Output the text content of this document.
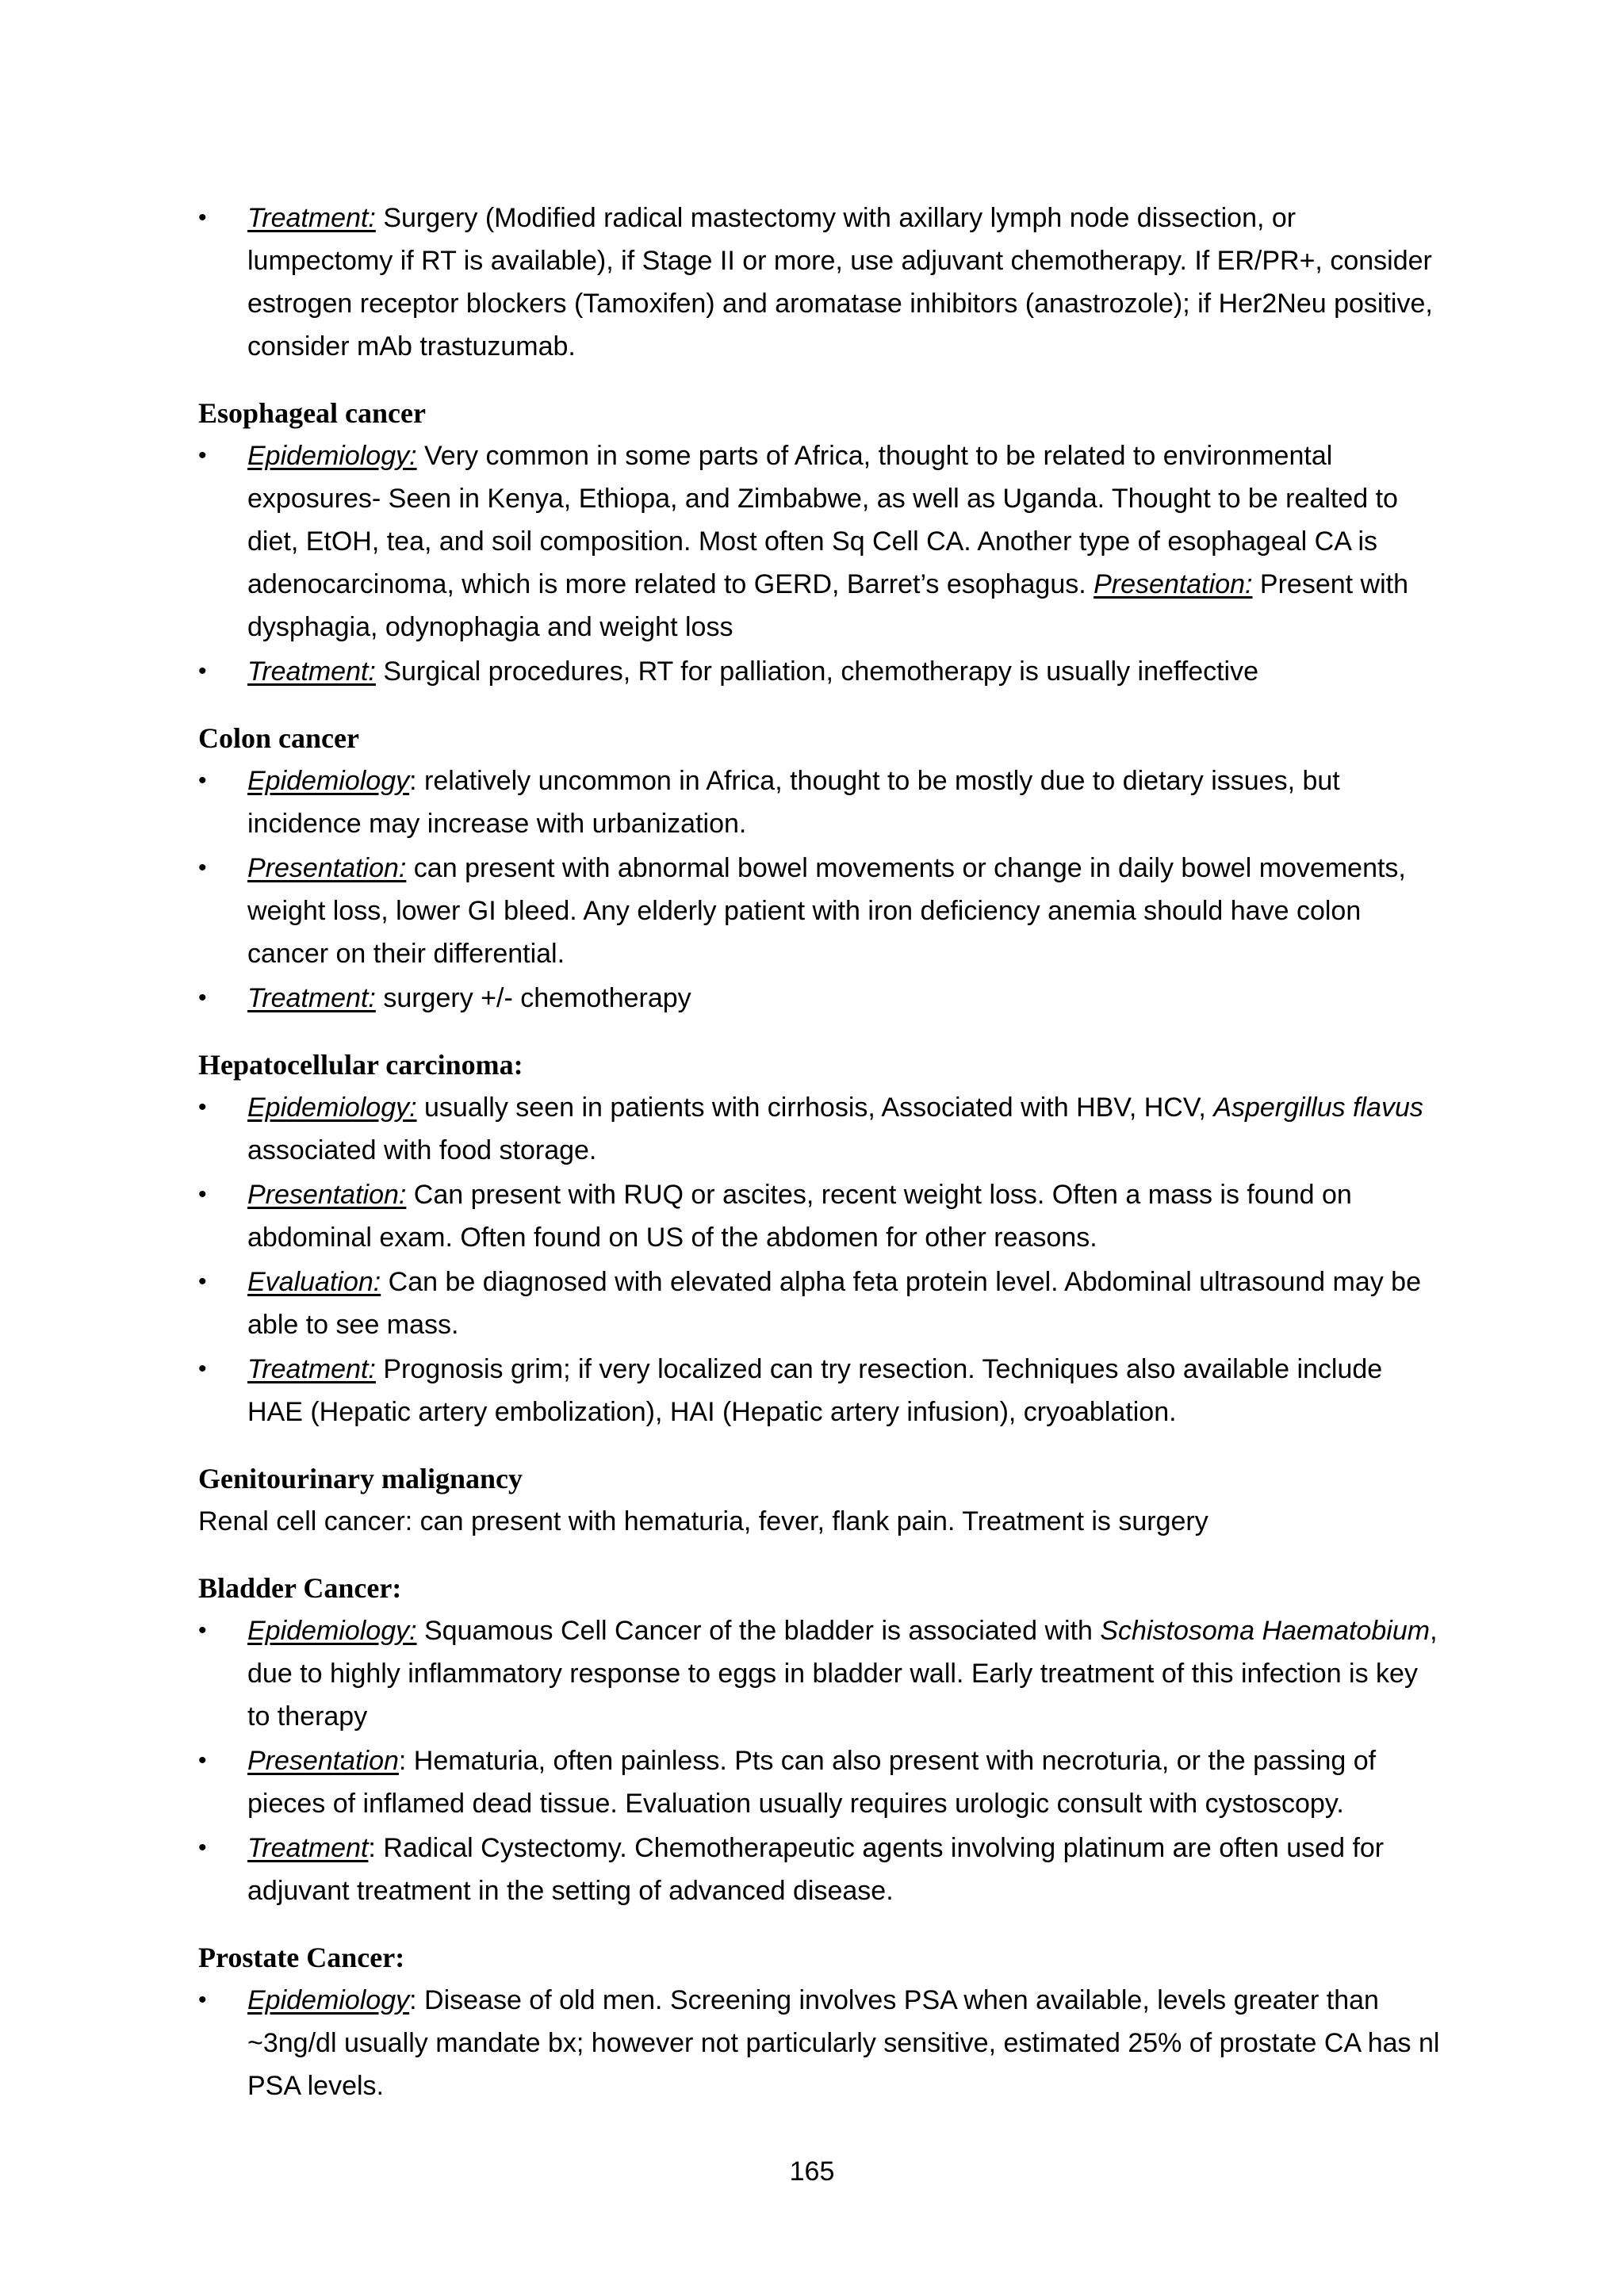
•	Treatment: Surgery (Modified radical mastectomy with axillary lymph node dissection, or lumpectomy if RT is available), if Stage II or more, use adjuvant chemotherapy. If ER/PR+, consider estrogen receptor blockers (Tamoxifen) and aromatase inhibitors (anastrozole); if Her2Neu positive, consider mAb trastuzumab.
Esophageal cancer
•	Epidemiology: Very common in some parts of Africa, thought to be related to environmental exposures- Seen in Kenya, Ethiopa, and Zimbabwe, as well as Uganda. Thought to be realted to diet, EtOH, tea, and soil composition. Most often Sq Cell CA. Another type of esophageal CA is adenocarcinoma, which is more related to GERD, Barret’s esophagus. Presentation: Present with dysphagia, odynophagia and weight loss
•	Treatment: Surgical procedures, RT for palliation, chemotherapy is usually ineffective
Colon cancer
•	Epidemiology: relatively uncommon in Africa, thought to be mostly due to dietary issues, but incidence may increase with urbanization.
•	Presentation: can present with abnormal bowel movements or change in daily bowel movements, weight loss, lower GI bleed. Any elderly patient with iron deficiency anemia should have colon cancer on their differential.
•	Treatment: surgery +/- chemotherapy
Hepatocellular carcinoma:
•	Epidemiology: usually seen in patients with cirrhosis, Associated with HBV, HCV, Aspergillus flavus associated with food storage.
•	Presentation: Can present with RUQ or ascites, recent weight loss. Often a mass is found on abdominal exam. Often found on US of the abdomen for other reasons.
•	Evaluation: Can be diagnosed with elevated alpha feta protein level. Abdominal ultrasound may be able to see mass.
•	Treatment: Prognosis grim; if very localized can try resection. Techniques also available include HAE (Hepatic artery embolization), HAI (Hepatic artery infusion), cryoablation.
Genitourinary malignancy

Renal cell cancer: can present with hematuria, fever, flank pain. Treatment is surgery

Bladder Cancer:
•	Epidemiology: Squamous Cell Cancer of the bladder is associated with Schistosoma Haematobium, due to highly inflammatory response to eggs in bladder wall. Early treatment of this infection is key to therapy
•	Presentation: Hematuria, often painless. Pts can also present with necroturia, or the passing of pieces of inflamed dead tissue. Evaluation usually requires urologic consult with cystoscopy.
•	Treatment: Radical Cystectomy. Chemotherapeutic agents involving platinum are often used for adjuvant treatment in the setting of advanced disease.
Prostate Cancer:
•	Epidemiology: Disease of old men. Screening involves PSA when available, levels greater than ~3ng/dl usually mandate bx; however not particularly sensitive, estimated 25% of prostate CA has nl PSA levels.
165
